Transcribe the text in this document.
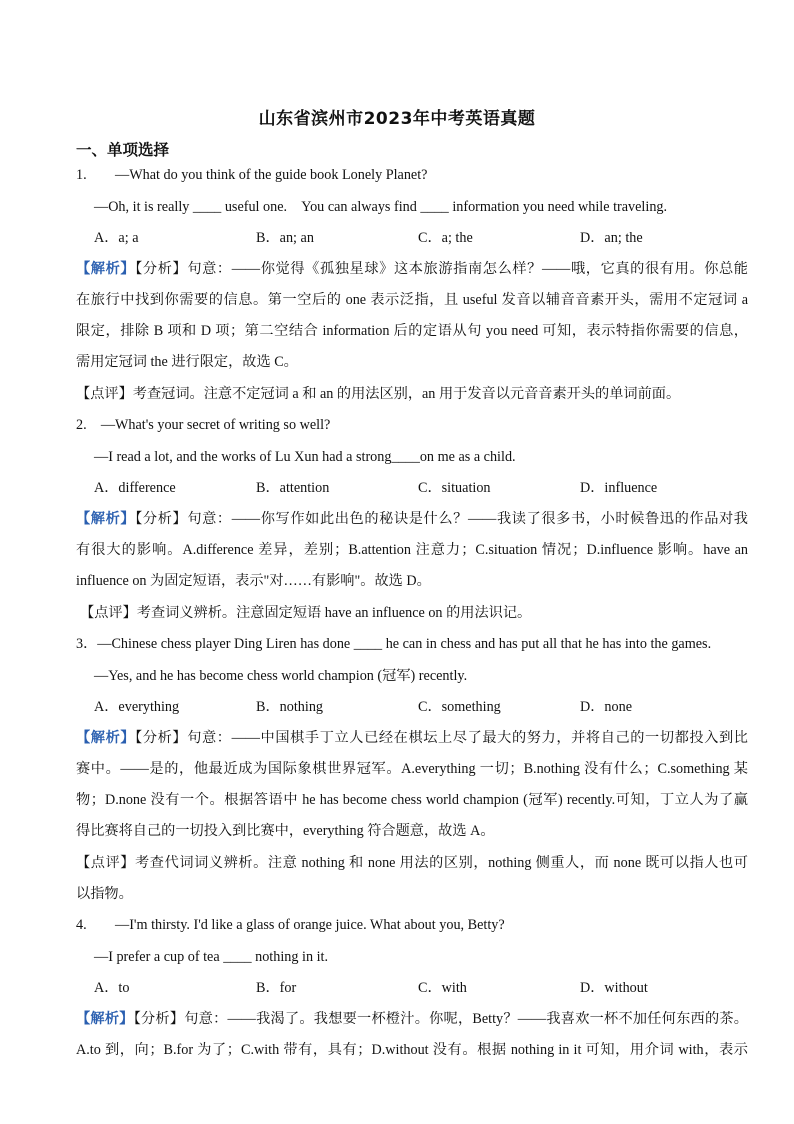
山东省滨州市2023年中考英语真题
一、单项选择
1.　　—What do you think of the guide book Lonely Planet?
—Oh, it is really ____ useful one.　You can always find ____ information you need while traveling.
A．a; a	B．an; an	C．a; the	D．an; the
【解析】【分析】句意：——你觉得《孤独星球》这本旅游指南怎么样？——哦，它真的很有用。你总能
在旅行中找到你需要的信息。第一空后的 one 表示泛指，且 useful 发音以辅音音素开头，需用不定冠词 a
限定，排除 B 项和 D 项；第二空结合 information 后的定语从句 you need 可知，表示特指你需要的信息，
需用定冠词 the 进行限定，故选 C。
【点评】考查冠词。注意不定冠词 a 和 an 的用法区别，an 用于发音以元音音素开头的单词前面。
2.　—What's your secret of writing so well?
—I read a lot, and the works of Lu Xun had a strong____on me as a child.
A．difference	B．attention	C．situation	D．influence
【解析】【分析】句意：——你写作如此出色的秘诀是什么？——我读了很多书，小时候鲁迅的作品对我
有很大的影响。A.difference 差异，差别；B.attention 注意力；C.situation 情况；D.influence 影响。have an
influence on 为固定短语，表示"对……有影响"。故选 D。
【点评】考查词义辨析。注意固定短语 have an influence on 的用法识记。
3．—Chinese chess player Ding Liren has done ____ he can in chess and has put all that he has into the games.
—Yes, and he has become chess world champion (冠军) recently.
A．everything	B．nothing	C．something	D．none
【解析】【分析】句意：——中国棋手丁立人已经在棋坛上尽了最大的努力，并将自己的一切都投入到比
赛中。——是的，他最近成为国际象棋世界冠军。A.everything 一切；B.nothing 没有什么；C.something 某
物；D.none 没有一个。根据答语中 he has become chess world champion (冠军) recently.可知，丁立人为了赢
得比赛将自己的一切投入到比赛中，everything 符合题意，故选 A。
【点评】考查代词词义辨析。注意 nothing 和 none 用法的区别，nothing 侧重人，而 none 既可以指人也可
以指物。
4.　　—I'm thirsty. I'd like a glass of orange juice. What about you, Betty?
—I prefer a cup of tea ____ nothing in it.
A．to	B．for	C．with	D．without
【解析】【分析】句意：——我渴了。我想要一杯橙汁。你呢，Betty？——我喜欢一杯不加任何东西的茶。
A.to 到，向；B.for 为了；C.with 带有，具有；D.without 没有。根据 nothing in it 可知，用介词 with，表示
